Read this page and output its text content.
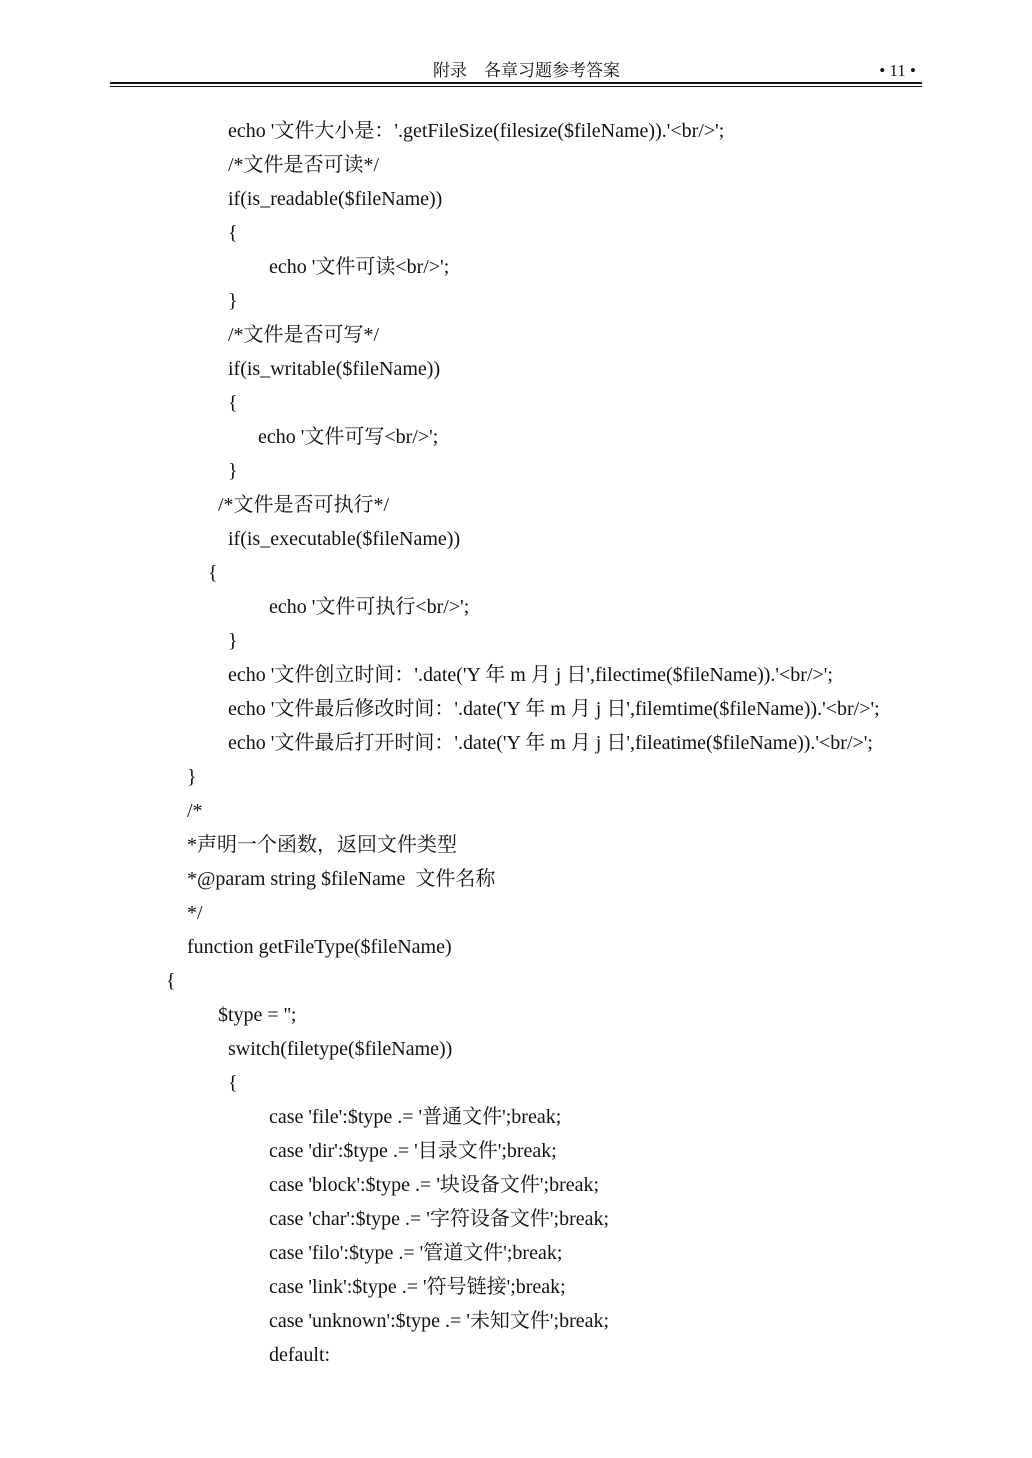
附录    各章习题参考答案	• 11 •
echo '文件大小是：'.getFileSize(filesize($fileName)).'<br/>';
/*文件是否可读*/
if(is_readable($fileName))
{
echo '文件可读<br/>';
}
/*文件是否可写*/
if(is_writable($fileName))
{
echo '文件可写<br/>';
}
/*文件是否可执行*/
if(is_executable($fileName))
{
echo '文件可执行<br/>';
}
echo '文件创立时间：'.date('Y 年 m 月 j 日',filectime($fileName)).'<br/>';
echo '文件最后修改时间：'.date('Y 年 m 月 j 日',filemtime($fileName)).'<br/>';
echo '文件最后打开时间：'.date('Y 年 m 月 j 日',fileatime($fileName)).'<br/>';
}
/*
*声明一个函数，返回文件类型
*@param string $fileName  文件名称
*/
function getFileType($fileName)
{
$type = '';
switch(filetype($fileName))
{
case 'file':$type .= '普通文件';break;
case 'dir':$type .= '目录文件';break;
case 'block':$type .= '块设备文件';break;
case 'char':$type .= '字符设备文件';break;
case 'filo':$type .= '管道文件';break;
case 'link':$type .= '符号链接';break;
case 'unknown':$type .= '未知文件';break;
default:
